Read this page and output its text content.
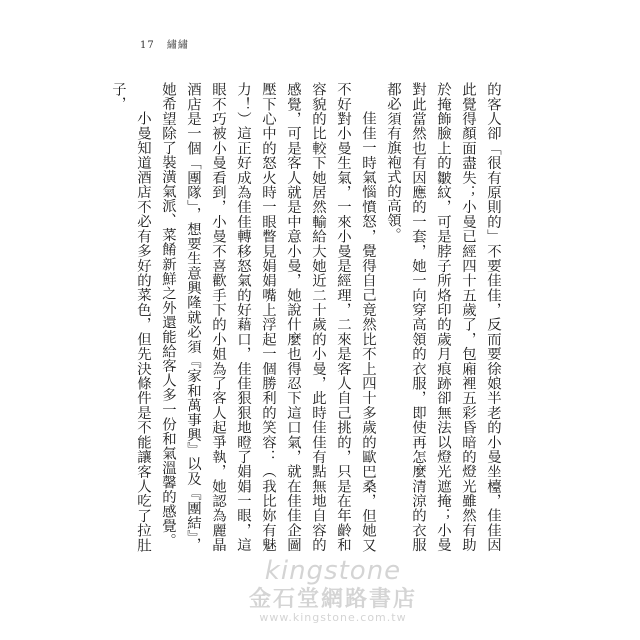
17 繡繡

的客人卻「很有原則的」不要佳佳，反而要徐娘半老的小曼坐檯，佳佳因此覺得顏面盡失；小曼已經四十五歲了，包廂裡五彩昏暗的燈光雖然有助於掩飾臉上的皺紋，可是脖子所烙印的歲月痕跡卻無法以燈光遮掩；小曼對此當然也有因應的一套，她一向穿高領的衣服，即使再怎麼清涼的衣服都必須有旗袍式的高領。

佳佳一時氣惱憤怒，覺得自己竟然比不上四十多歲的歐巴桑，但她又不好對小曼生氣，一來小曼是經理，二來是客人自己挑的，只是在年齡和容貌的比較下她居然輸給大她近二十歲的小曼，此時佳佳有點無地自容的感覺，可是客人就是中意小曼，她說什麼也得忍下這口氣，就在佳佳企圖壓下心中的怒火時一眼瞥見娟娟嘴上浮起一個勝利的笑容：（我比妳有魅力！）這正好成為佳佳轉移怒氣的好藉口，佳佳狠狠地瞪了娟娟一眼，這眼不巧被小曼看到，小曼不喜歡手下的小姐為了客人起爭執，她認為麗晶酒店是一個「團隊」，想要生意興隆就必須『家和萬事興』以及『團結』，她希望除了裝潢氣派、菜餚新鮮之外還能給客人多一份和氣溫馨的感覺。

小曼知道酒店不必有多好的菜色，但先決條件是不能讓客人吃了拉肚子，

kingstone
金石堂網路書店
www.kingstone.com.tw
